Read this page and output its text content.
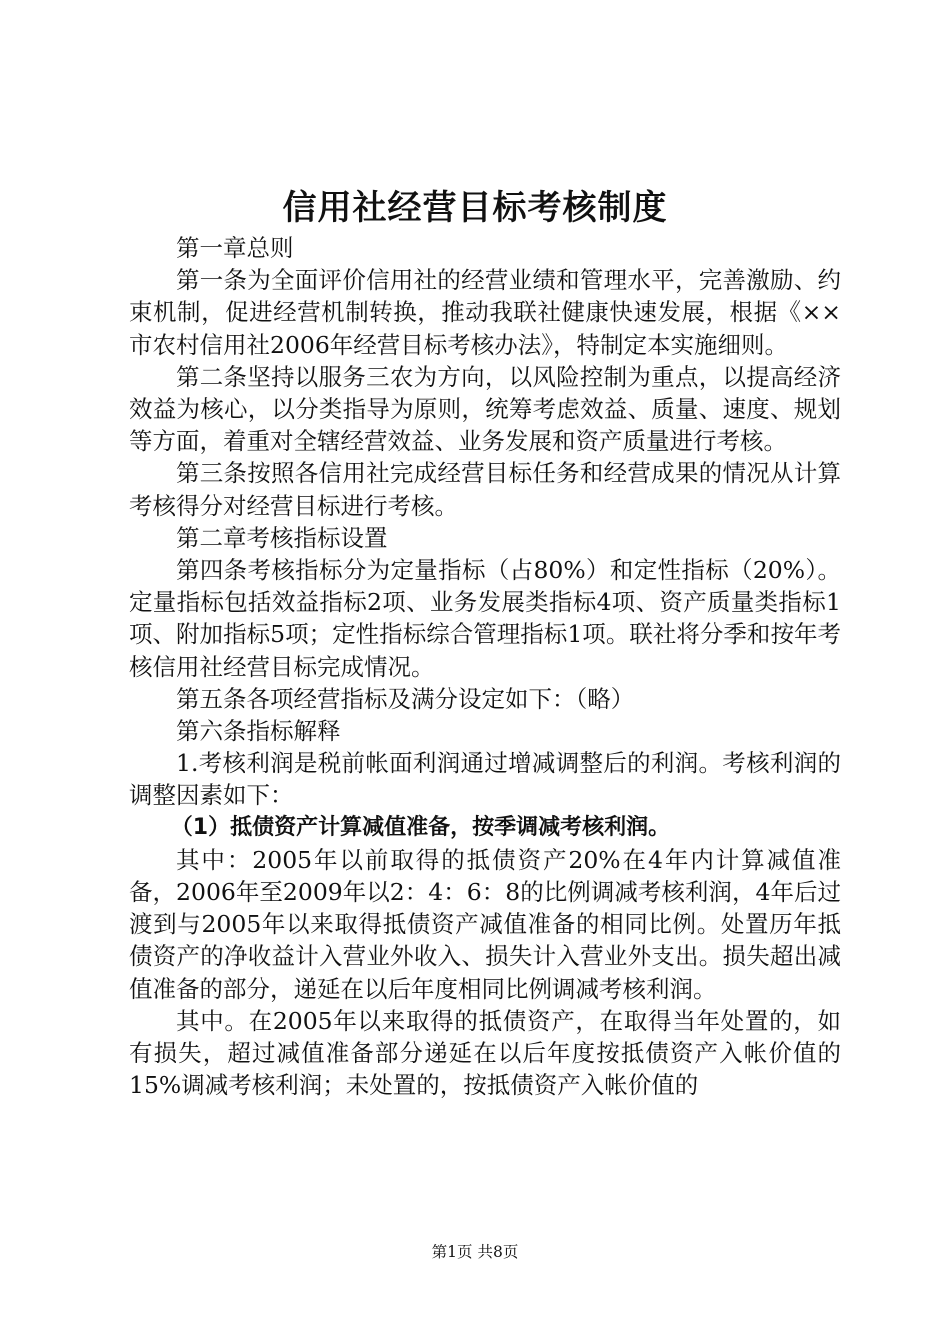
信用社经营目标考核制度

第一章总则

第一条为全面评价信用社的经营业绩和管理水平，完善激励、约束机制，促进经营机制转换，推动我联社健康快速发展，根据《××市农村信用社2006年经营目标考核办法》，特制定本实施细则。

第二条坚持以服务三农为方向，以风险控制为重点，以提高经济效益为核心，以分类指导为原则，统筹考虑效益、质量、速度、规划等方面，着重对全辖经营效益、业务发展和资产质量进行考核。

第三条按照各信用社完成经营目标任务和经营成果的情况从计算考核得分对经营目标进行考核。

第二章考核指标设置

第四条考核指标分为定量指标（占80%）和定性指标（20%）。定量指标包括效益指标2项、业务发展类指标4项、资产质量类指标1项、附加指标5项；定性指标综合管理指标1项。联社将分季和按年考核信用社经营目标完成情况。

第五条各项经营指标及满分设定如下：（略）

第六条指标解释

1.考核利润是税前帐面利润通过增减调整后的利润。考核利润的调整因素如下：

（1）抵债资产计算减值准备，按季调减考核利润。

其中：2005年以前取得的抵债资产20%在4年内计算减值准备，2006年至2009年以2：4：6：8的比例调减考核利润，4年后过渡到与2005年以来取得抵债资产减值准备的相同比例。处置历年抵债资产的净收益计入营业外收入、损失计入营业外支出。损失超出减值准备的部分，递延在以后年度相同比例调减考核利润。

其中。在2005年以来取得的抵债资产，在取得当年处置的，如有损失，超过减值准备部分递延在以后年度按抵债资产入帐价值的15%调减考核利润；未处置的，按抵债资产入帐价值的

第1页 共8页
